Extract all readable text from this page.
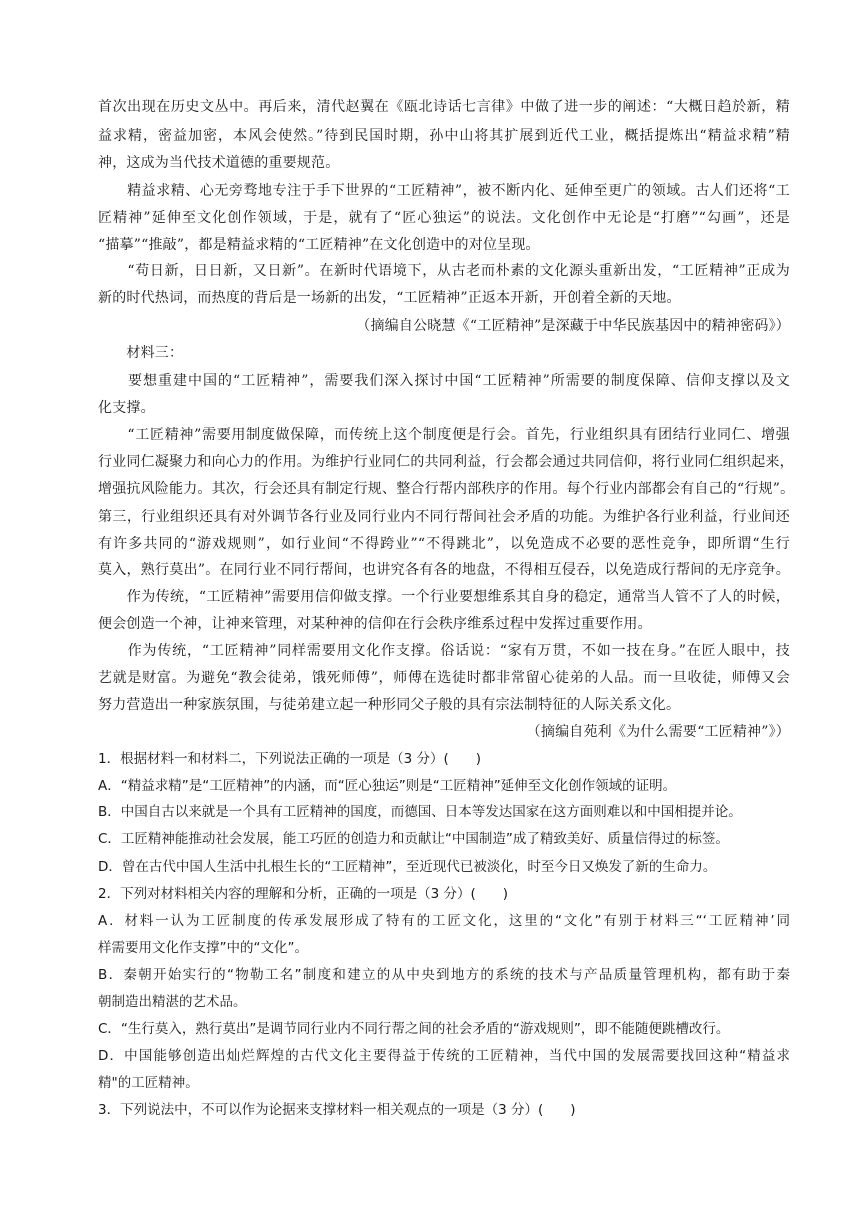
首次出现在历史文丛中。再后来，清代赵翼在《瓯北诗话七言律》中做了进一步的阐述：“大概日趋於新，精
益求精，密益加密，本风会使然。”待到民国时期，孙中山将其扩展到近代工业，概括提炼出“精益求精”精
神，这成为当代技术道德的重要规范。
　　精益求精、心无旁骛地专注于手下世界的“工匠精神”，被不断内化、延伸至更广的领域。古人们还将“工
匠精神”延伸至文化创作领域，于是，就有了“匠心独运”的说法。文化创作中无论是“打磨”“勾画”，还是
“描摹”“推敲”，都是精益求精的“工匠精神”在文化创造中的对位呈现。
　　“苟日新，日日新，又日新”。在新时代语境下，从古老而朴素的文化源头重新出发，“工匠精神”正成为
新的时代热词，而热度的背后是一场新的出发，“工匠精神”正返本开新，开创着全新的天地。
（摘编自公晓慧《“工匠精神”是深藏于中华民族基因中的精神密码》）
　　材料三：
　　要想重建中国的“工匠精神”，需要我们深入探讨中国“工匠精神”所需要的制度保障、信仰支撑以及文
化支撑。
　　“工匠精神”需要用制度做保障，而传统上这个制度便是行会。首先，行业组织具有团结行业同仁、增强
行业同仁凝聚力和向心力的作用。为维护行业同仁的共同利益，行会都会通过共同信仰，将行业同仁组织起来，
增强抗风险能力。其次，行会还具有制定行规、整合行帮内部秩序的作用。每个行业内部都会有自己的“行规”。
第三，行业组织还具有对外调节各行业及同行业内不同行帮间社会矛盾的功能。为维护各行业利益，行业间还
有许多共同的“游戏规则”，如行业间“不得跨业”“不得跳北”，以免造成不必要的恶性竞争，即所谓“生行
莫入，熟行莫出”。在同行业不同行帮间，也讲究各有各的地盘，不得相互侵吞，以免造成行帮间的无序竞争。
　　作为传统，“工匠精神”需要用信仰做支撑。一个行业要想维系其自身的稳定，通常当人管不了人的时候，
便会创造一个神，让神来管理，对某种神的信仰在行会秩序维系过程中发挥过重要作用。
　　作为传统，“工匠精神”同样需要用文化作支撑。俗话说：“家有万贯，不如一技在身。”在匠人眼中，技
艺就是财富。为避免“教会徒弟，饿死师傅”，师傅在选徒时都非常留心徒弟的人品。而一旦收徒，师傅又会
努力营造出一种家族氛围，与徒弟建立起一种形同父子般的具有宗法制特征的人际关系文化。
（摘编自苑利《为什么需要“工匠精神”》）
1．根据材料一和材料二，下列说法正确的一项是（3 分）(　　)
A．“精益求精”是“工匠精神”的内涵，而“匠心独运”则是“工匠精神”延伸至文化创作领域的证明。
B．中国自古以来就是一个具有工匠精神的国度，而德国、日本等发达国家在这方面则难以和中国相提并论。
C．工匠精神能推动社会发展，能工巧匠的创造力和贡献让“中国制造”成了精致美好、质量信得过的标签。
D．曾在古代中国人生活中扎根生长的“工匠精神”，至近现代已被淡化，时至今日又焕发了新的生命力。
2．下列对材料相关内容的理解和分析，正确的一项是（3 分）(　　)
A．材料一认为工匠制度的传承发展形成了特有的工匠文化，这里的“文化”有别于材料三“‘工匠精神’同
样需要用文化作支撑”中的“文化”。
B．秦朝开始实行的“物勒工名”制度和建立的从中央到地方的系统的技术与产品质量管理机构，都有助于秦
朝制造出精湛的艺术品。
C．“生行莫入，熟行莫出”是调节同行业内不同行帮之间的社会矛盾的“游戏规则”，即不能随便跳槽改行。
D．中国能够创造出灿烂辉煌的古代文化主要得益于传统的工匠精神，当代中国的发展需要找回这种“精益求
精"的工匠精神。
3．下列说法中，不可以作为论据来支撑材料一相关观点的一项是（3 分）(　　)
